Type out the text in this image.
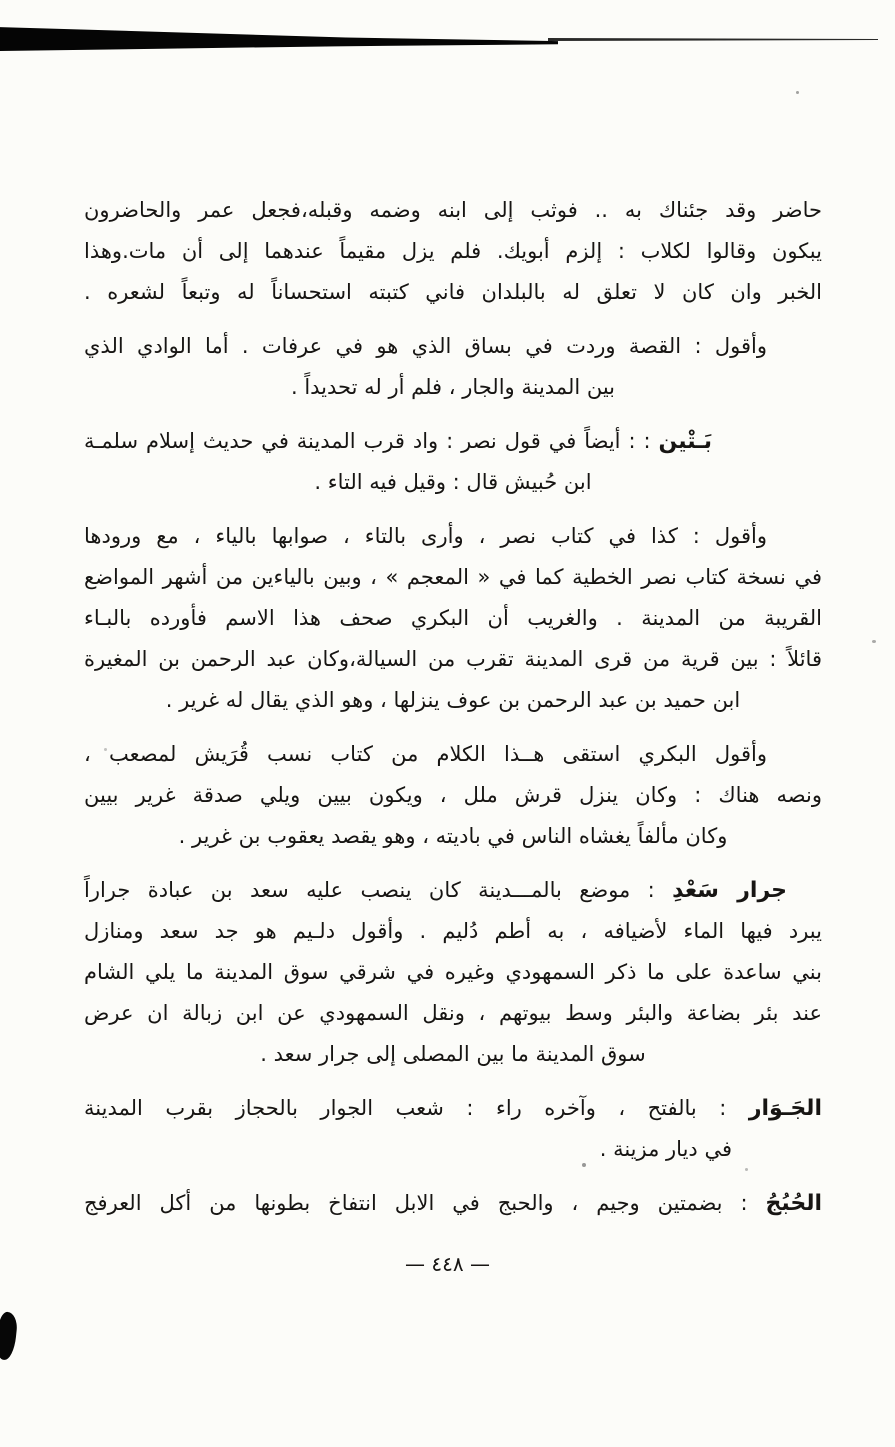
حاضر وقد جئناك به .. فوثب إلى ابنه وضمه وقبله،فجعل عمر والحاضرون
يبكون وقالوا لكلاب : إلزم أبويك. فلم يزل مقيماً عندهما إلى أن مات.وهذا
الخبر وان كان لا تعلق له بالبلدان فاني كتبته استحساناً له وتبعاً لشعره .

وأقول : القصة وردت في بساق الذي هو في عرفات . أما الوادي الذي
بين المدينة والجار ، فلم أر له تحديداً .

بَـتْين : : أيضاً في قول نصر : واد قرب المدينة في حديث إسلام سلمـة
ابن حُبيش قال : وقيل فيه التاء .

وأقول : كذا في كتاب نصر ، وأرى بالتاء ، صوابها بالياء ، مع ورودها
في نسخة كتاب نصر الخطية كما في « المعجم » ، وبين بالياءين من أشهر المواضع
القريبة من المدينة . والغريب أن البكري صحف هذا الاسم فأورده بالبـاء
قائلاً : بين قرية من قرى المدينة تقرب من السيالة،وكان عبد الرحمن بن المغيرة
ابن حميد بن عبد الرحمن بن عوف ينزلها ، وهو الذي يقال له غرير .

وأقول البكري استقى هــذا الكلام من كتاب نسب قُرَيش لمصعب ،
ونصه هناك : وكان ينزل قرش ملل ، ويكون بيين ويلي صدقة غرير بيين
وكان مألفاً يغشاه الناس في باديته ، وهو يقصد يعقوب بن غرير .

جرار سَعْدِ : موضع بالمـــدينة كان ينصب عليه سعد بن عبادة جراراً
يبرد فيها الماء لأضيافه ، به أطم دُليم . وأقول دلـيم هو جد سعد ومنازل
بني ساعدة على ما ذكر السمهودي وغيره في شرقي سوق المدينة ما يلي الشام
عند بئر بضاعة والبئر وسط بيوتهم ، ونقل السمهودي عن ابن زبالة ان عرض
سوق المدينة ما بين المصلى إلى جرار سعد .

الجَـوَار : بالفتح ، وآخره راء : شعب الجوار بالحجاز بقرب المدينة
في ديار مزينة .

الحُبُجُ : بضمتين وجيم ، والحبج في الابل انتفاخ بطونها من أكل العرفج

— ٤٤٨ —
